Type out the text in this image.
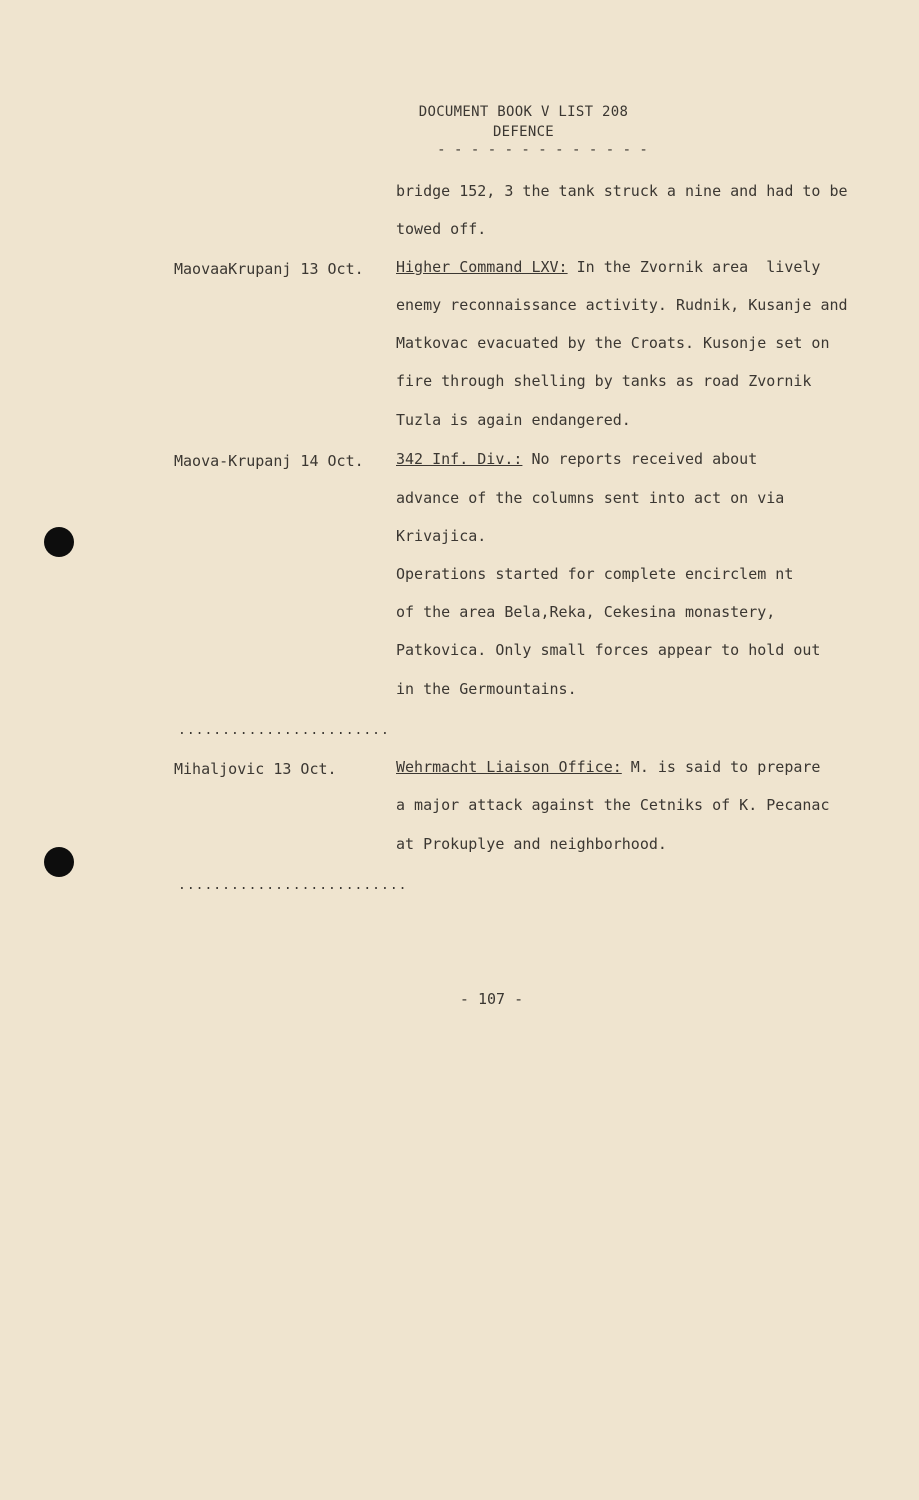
DOCUMENT BOOK V LIST 208
DEFENCE
- - - - - - - - - - - - -
bridge 152, 3 the tank struck a nine and had to be
towed off.
MaovaaKrupanj 13 Oct. Higher Command LXV: In the Zvornik area  lively
enemy reconnaissance activity. Rudnik, Kusanje and
Matkovac evacuated by the Croats. Kusonje set on
fire through shelling by tanks as road Zvornik
Tuzla is again endangered.
Maova-Krupanj 14 Oct. 342 Inf. Div.: No reports received about
advance of the columns sent into act on via
Krivajica.
Operations started for complete encirclem nt
of the area Bela,Reka, Cekesina monastery,
Patkovica. Only small forces appear to hold out
in the Germountains.
........................
Mihaljovic 13 Oct.	Wehrmacht Liaison Office: M. is said to prepare
a major attack against the Cetniks of K. Pecanac
at Prokuplye and neighborhood.
..........................
- 107 -
